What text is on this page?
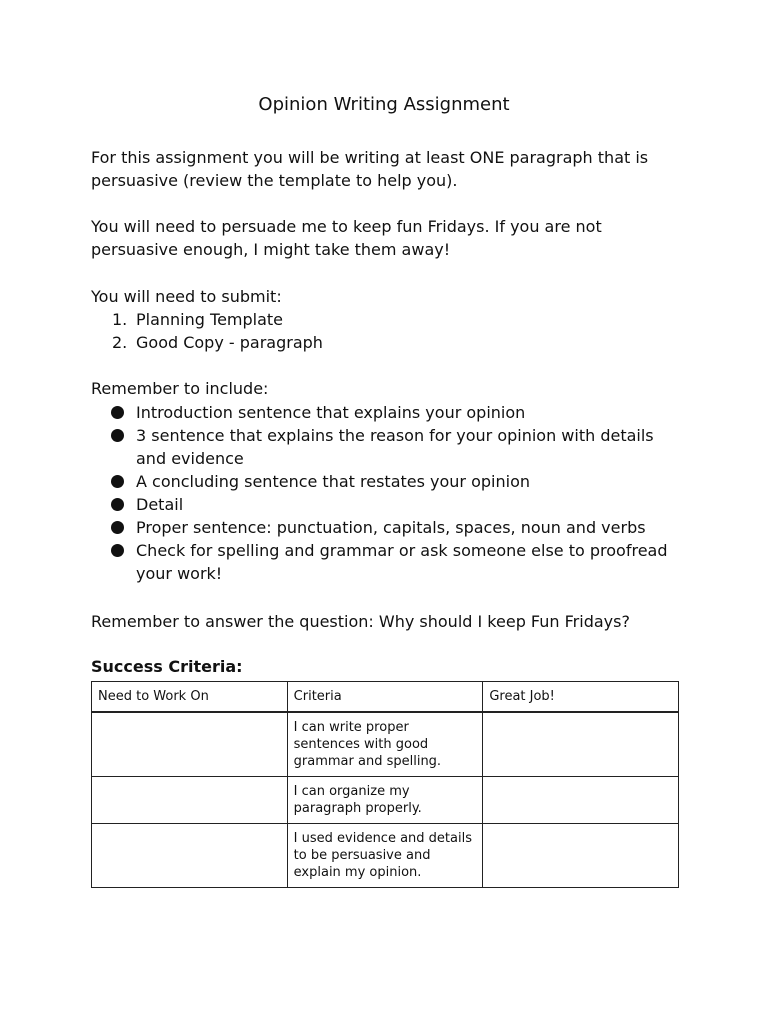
Opinion Writing Assignment

For this assignment you will be writing at least ONE paragraph that is persuasive (review the template to help you).

You will need to persuade me to keep fun Fridays. If you are not persuasive enough, I might take them away!

You will need to submit:

1. Planning Template
2. Good Copy - paragraph

Remember to include:

Introduction sentence that explains your opinion
3 sentence that explains the reason for your opinion with details and evidence
A concluding sentence that restates your opinion
Detail
Proper sentence: punctuation, capitals, spaces, noun and verbs
Check for spelling and grammar or ask someone else to proofread your work!

Remember to answer the question: Why should I keep Fun Fridays?

Success Criteria:
Need to Work On	Criteria	Great Job!
	I can write proper sentences with good grammar and spelling.	
	I can organize my paragraph properly.	
	I used evidence and details to be persuasive and explain my opinion.	
